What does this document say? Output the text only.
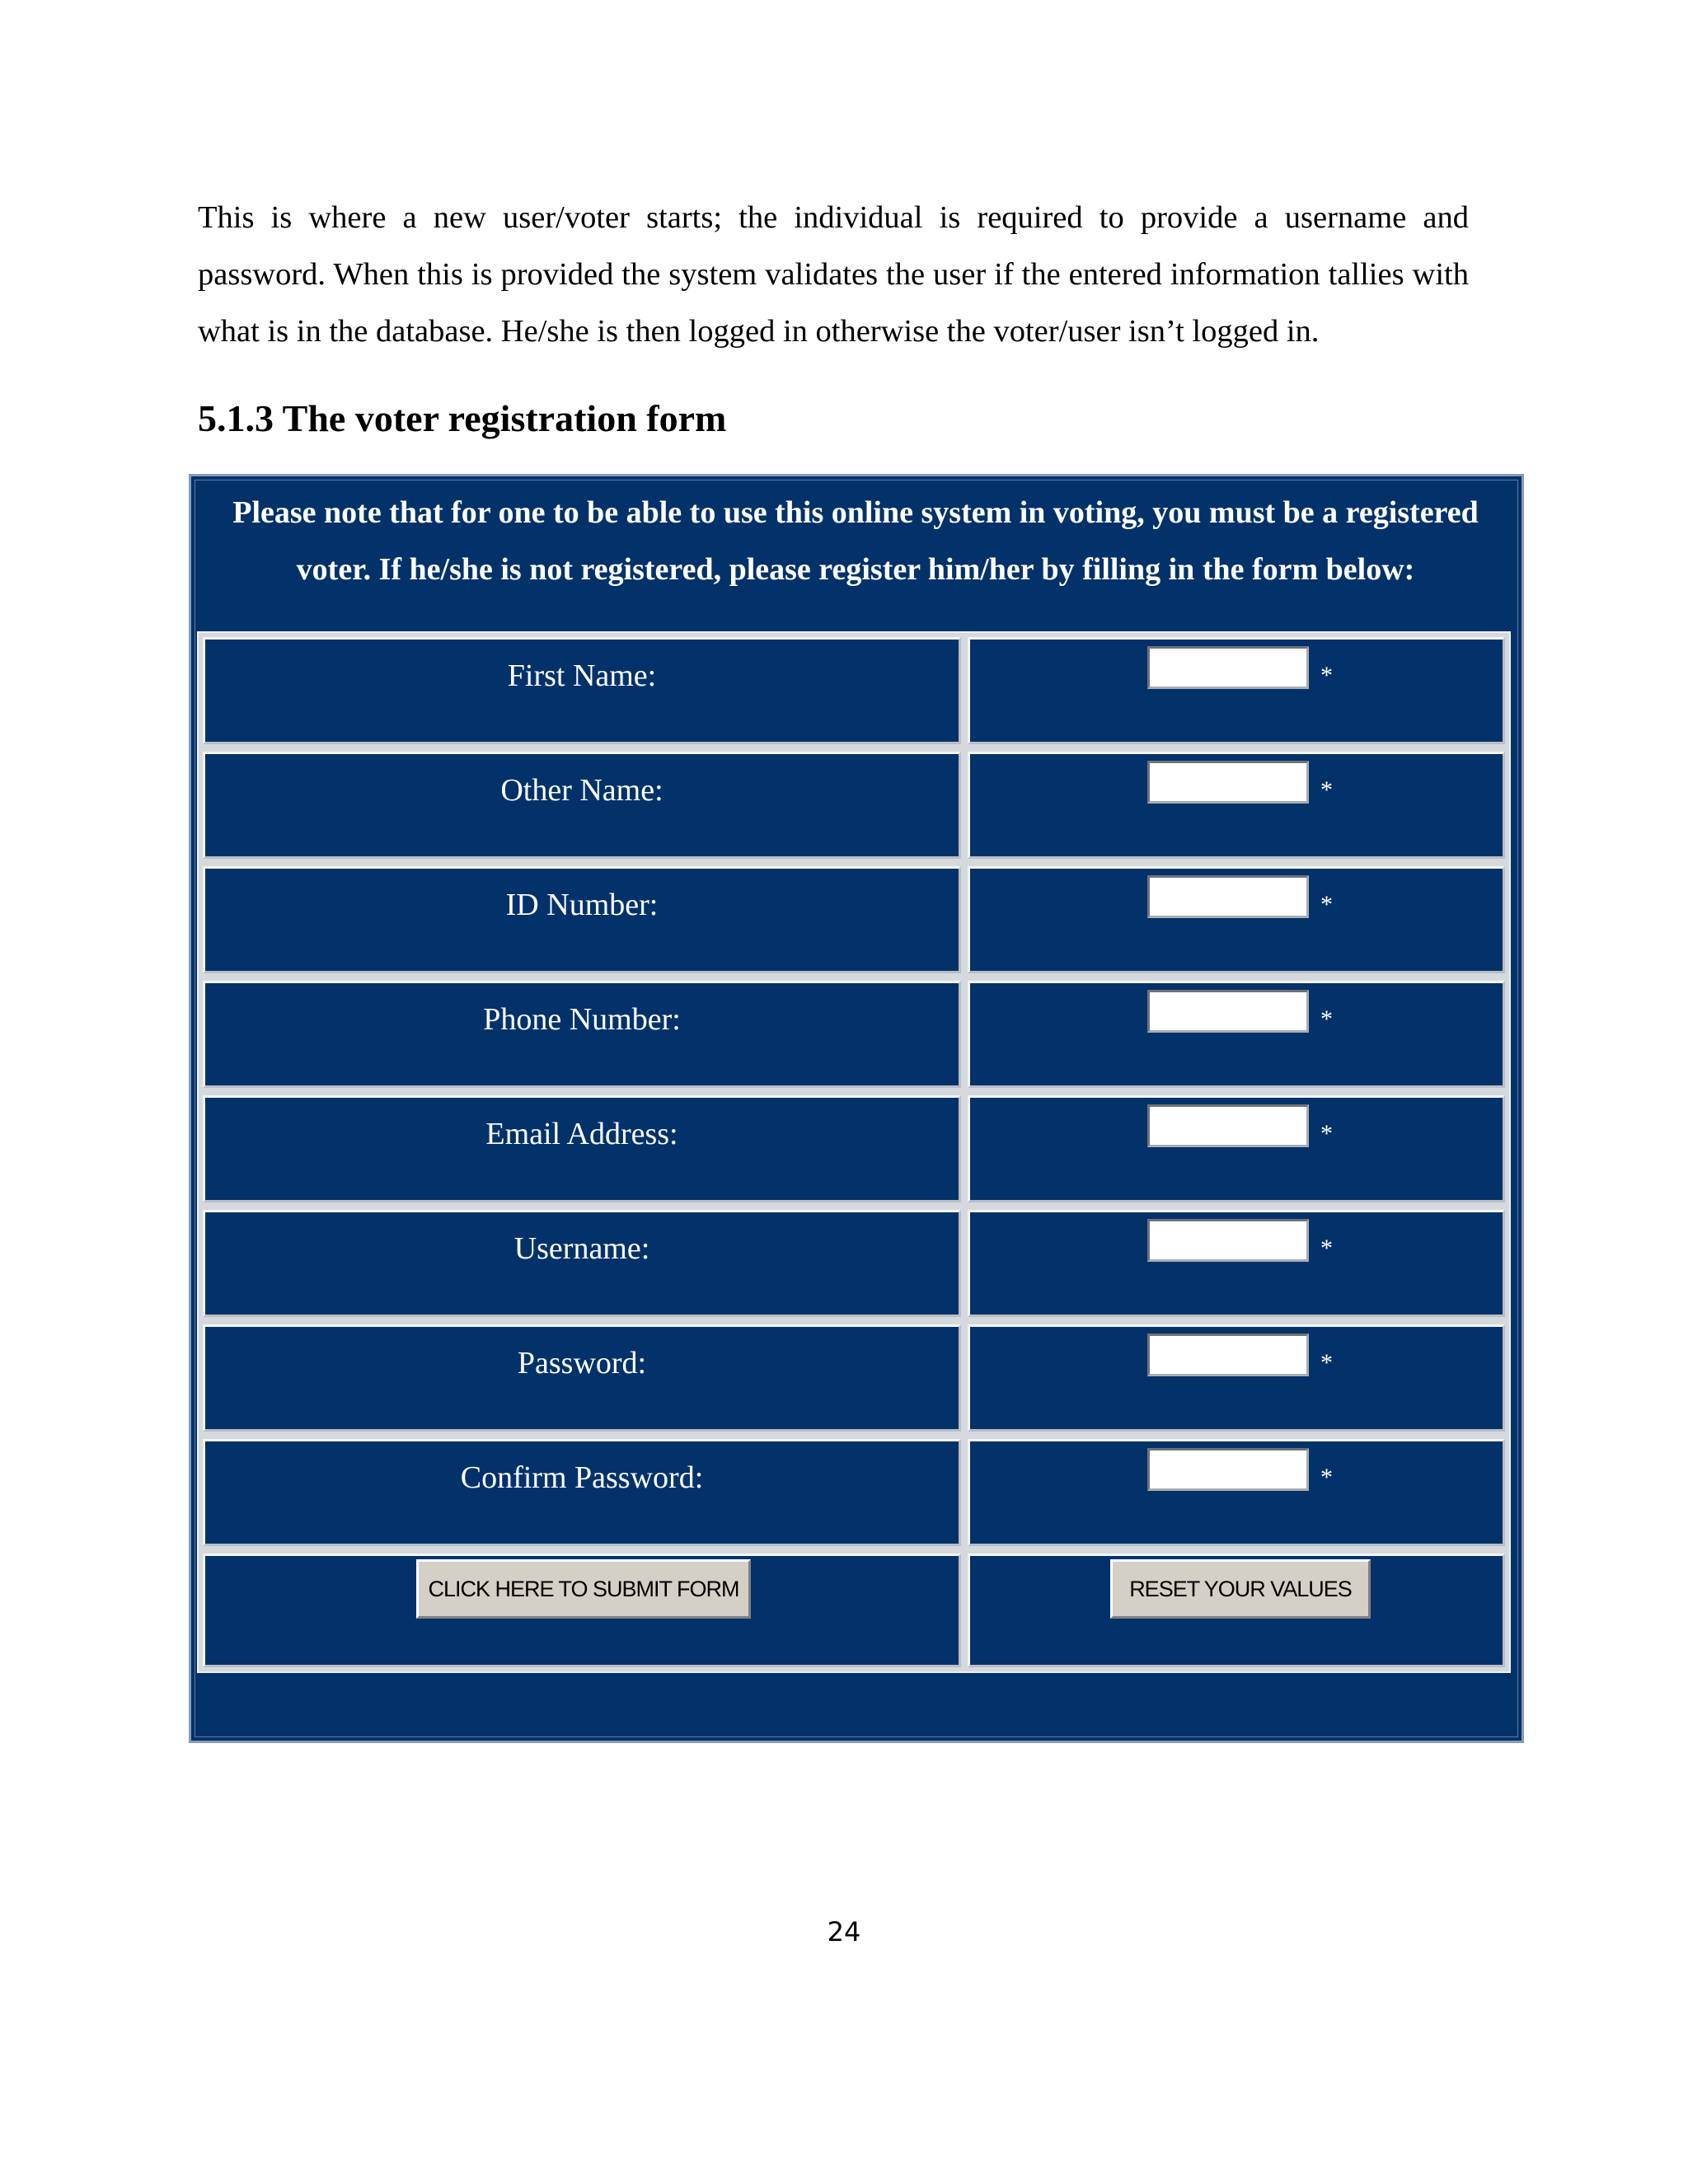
This is where a new user/voter starts; the individual is required to provide a username and password. When this is provided the system validates the user if the entered information tallies with what is in the database. He/she is then logged in otherwise the voter/user isn’t logged in.

5.1.3 The voter registration form

Please note that for one to be able to use this online system in voting, you must be a registered voter. If he/she is not registered, please register him/her by filling in the form below:

First Name:	*
Other Name:	*
ID Number:	*
Phone Number:	*
Email Address:	*
Username:	*
Password:	*
Confirm Password:	*
CLICK HERE TO SUBMIT FORM	RESET YOUR VALUES

24
